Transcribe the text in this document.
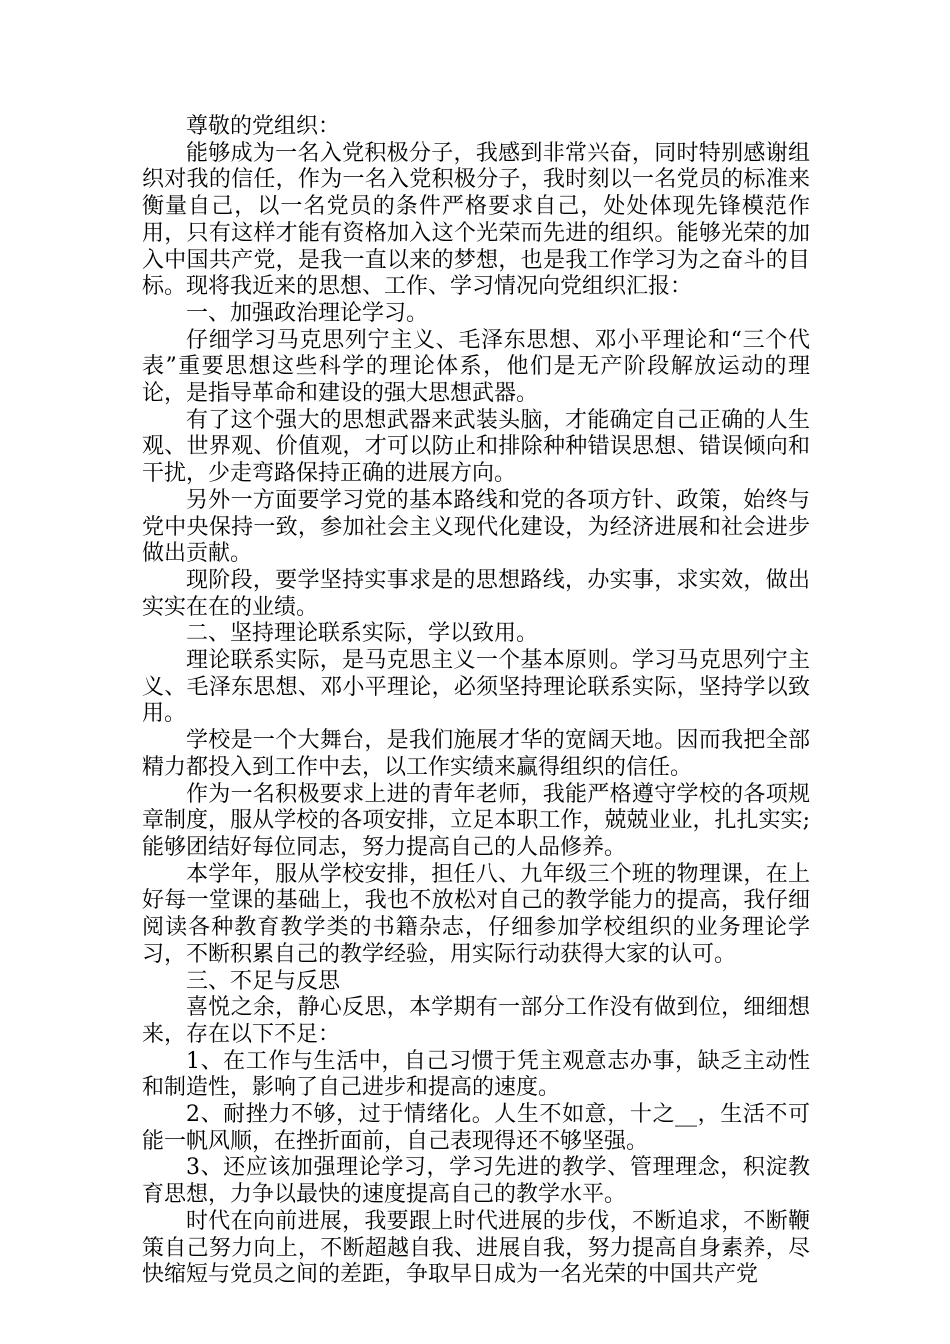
尊敬的党组织：

能够成为一名入党积极分子，我感到非常兴奋，同时特别感谢组织对我的信任，作为一名入党积极分子，我时刻以一名党员的标准来衡量自己，以一名党员的条件严格要求自己，处处体现先锋模范作用，只有这样才能有资格加入这个光荣而先进的组织。能够光荣的加入中国共产党，是我一直以来的梦想，也是我工作学习为之奋斗的目标。现将我近来的思想、工作、学习情况向党组织汇报：

一、加强政治理论学习。

仔细学习马克思列宁主义、毛泽东思想、邓小平理论和“三个代表”重要思想这些科学的理论体系，他们是无产阶段解放运动的理论，是指导革命和建设的强大思想武器。

有了这个强大的思想武器来武装头脑，才能确定自己正确的人生观、世界观、价值观，才可以防止和排除种种错误思想、错误倾向和干扰，少走弯路保持正确的进展方向。

另外一方面要学习党的基本路线和党的各项方针、政策，始终与党中央保持一致，参加社会主义现代化建设，为经济进展和社会进步做出贡献。

现阶段，要学坚持实事求是的思想路线，办实事，求实效，做出实实在在的业绩。

二、坚持理论联系实际，学以致用。

理论联系实际，是马克思主义一个基本原则。学习马克思列宁主义、毛泽东思想、邓小平理论，必须坚持理论联系实际，坚持学以致用。

学校是一个大舞台，是我们施展才华的宽阔天地。因而我把全部精力都投入到工作中去，以工作实绩来赢得组织的信任。

作为一名积极要求上进的青年老师，我能严格遵守学校的各项规章制度，服从学校的各项安排，立足本职工作，兢兢业业，扎扎实实;能够团结好每位同志，努力提高自己的人品修养。

本学年，服从学校安排，担任八、九年级三个班的物理课，在上好每一堂课的基础上，我也不放松对自己的教学能力的提高，我仔细阅读各种教育教学类的书籍杂志，仔细参加学校组织的业务理论学习，不断积累自己的教学经验，用实际行动获得大家的认可。

三、不足与反思

喜悦之余，静心反思，本学期有一部分工作没有做到位，细细想来，存在以下不足：

1、在工作与生活中，自己习惯于凭主观意志办事，缺乏主动性和制造性，影响了自己进步和提高的速度。

2、耐挫力不够，过于情绪化。人生不如意，十之__，生活不可能一帆风顺，在挫折面前，自己表现得还不够坚强。

3、还应该加强理论学习，学习先进的教学、管理理念，积淀教育思想，力争以最快的速度提高自己的教学水平。

时代在向前进展，我要跟上时代进展的步伐，不断追求，不断鞭策自己努力向上，不断超越自我、进展自我，努力提高自身素养，尽快缩短与党员之间的差距，争取早日成为一名光荣的中国共产党
